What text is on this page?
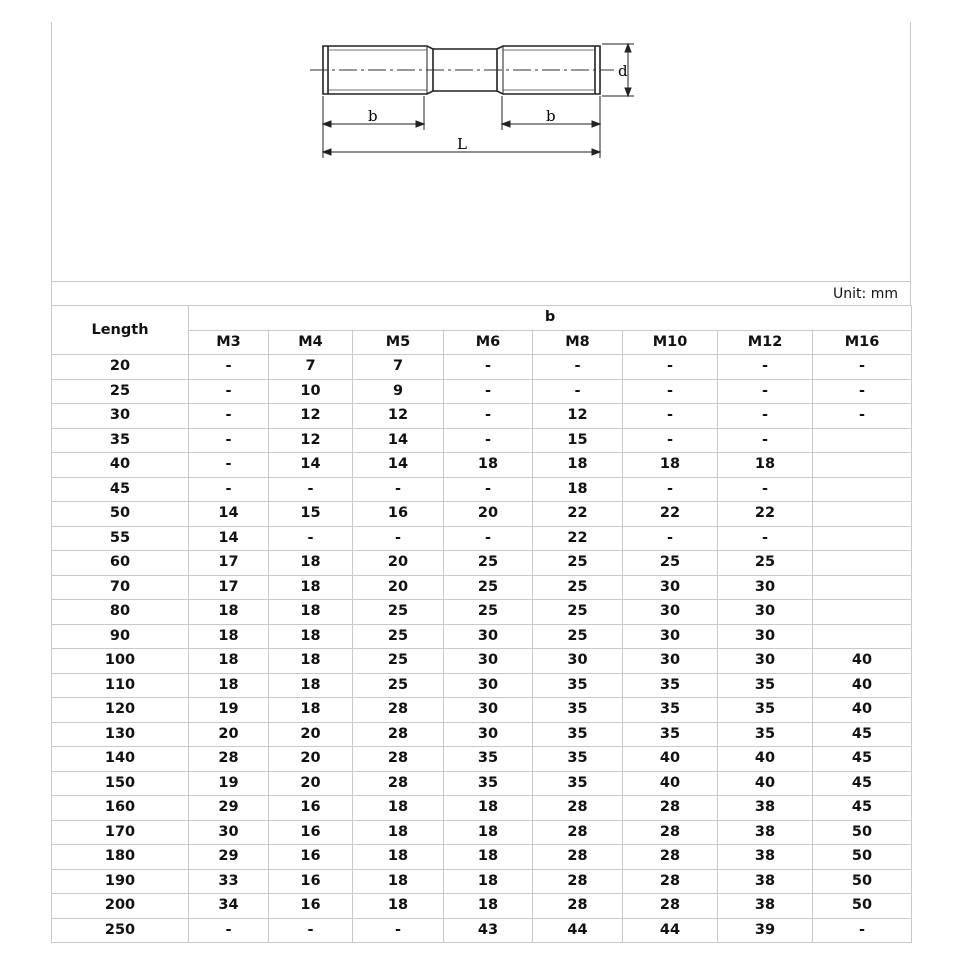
d
b	b
L
Unit: mm
Length	b							
	M3	M4	M5	M6	M8	M10	M12	M16
20	-	7	7	-	-	-	-	-
25	-	10	9	-	-	-	-	-
30	-	12	12	-	12	-	-	-
35	-	12	14	-	15	-	-	
40	-	14	14	18	18	18	18	
45	-	-	-	-	18	-	-	
50	14	15	16	20	22	22	22	
55	14	-	-	-	22	-	-	
60	17	18	20	25	25	25	25	
70	17	18	20	25	25	30	30	
80	18	18	25	25	25	30	30	
90	18	18	25	30	25	30	30	
100	18	18	25	30	30	30	30	40
110	18	18	25	30	35	35	35	40
120	19	18	28	30	35	35	35	40
130	20	20	28	30	35	35	35	45
140	28	20	28	35	35	40	40	45
150	19	20	28	35	35	40	40	45
160	29	16	18	18	28	28	38	45
170	30	16	18	18	28	28	38	50
180	29	16	18	18	28	28	38	50
190	33	16	18	18	28	28	38	50
200	34	16	18	18	28	28	38	50
250	-	-	-	43	44	44	39	-
